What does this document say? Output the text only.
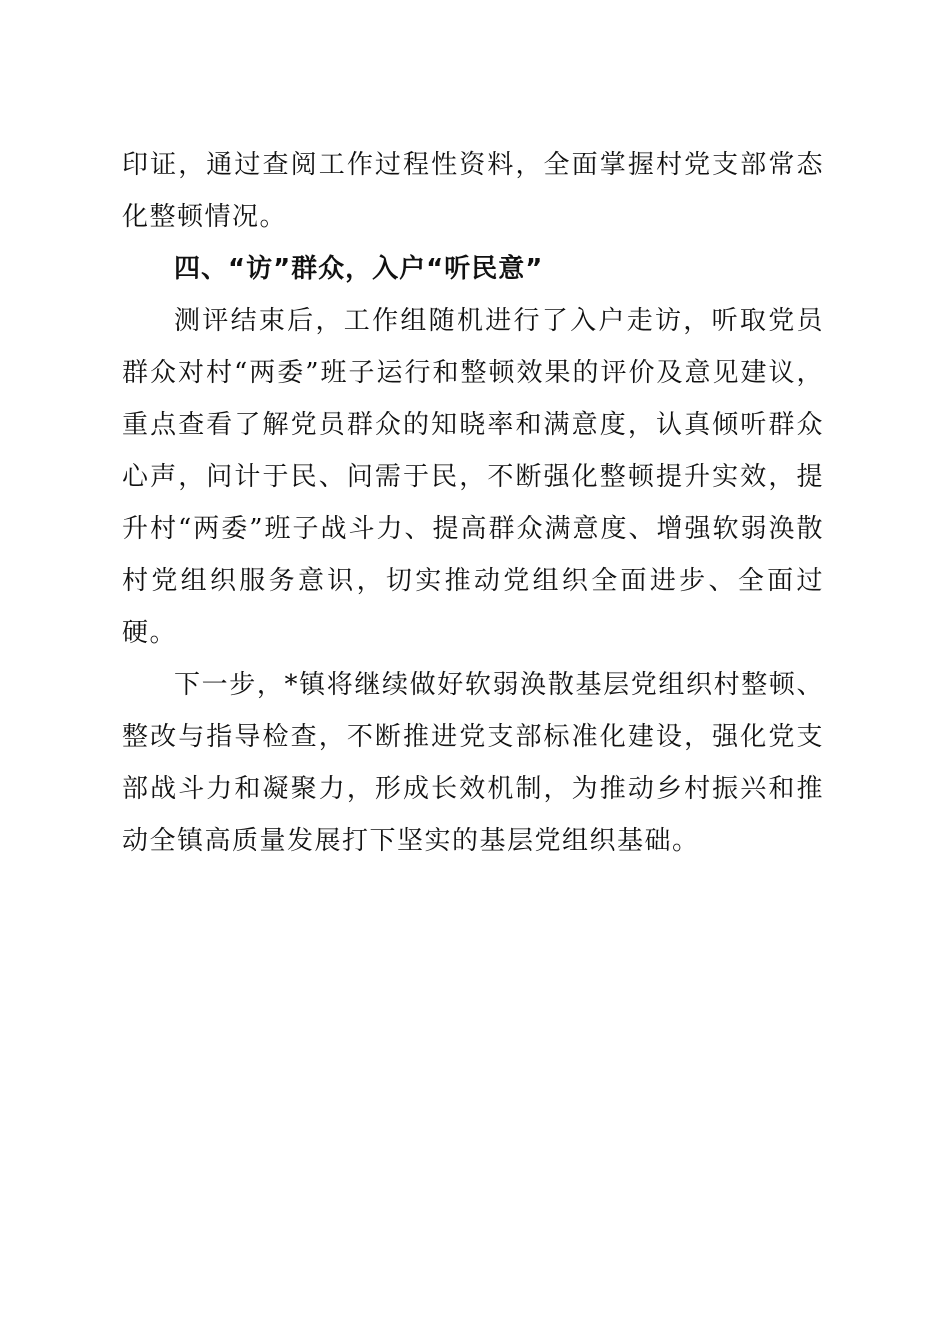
印证，通过查阅工作过程性资料，全面掌握村党支部常态化整顿情况。

四、“访”群众，入户“听民意”

测评结束后，工作组随机进行了入户走访，听取党员群众对村“两委”班子运行和整顿效果的评价及意见建议，重点查看了解党员群众的知晓率和满意度，认真倾听群众心声，问计于民、问需于民，不断强化整顿提升实效，提升村“两委”班子战斗力、提高群众满意度、增强软弱涣散村党组织服务意识，切实推动党组织全面进步、全面过硬。

下一步，*镇将继续做好软弱涣散基层党组织村整顿、整改与指导检查，不断推进党支部标准化建设，强化党支部战斗力和凝聚力，形成长效机制，为推动乡村振兴和推动全镇高质量发展打下坚实的基层党组织基础。
